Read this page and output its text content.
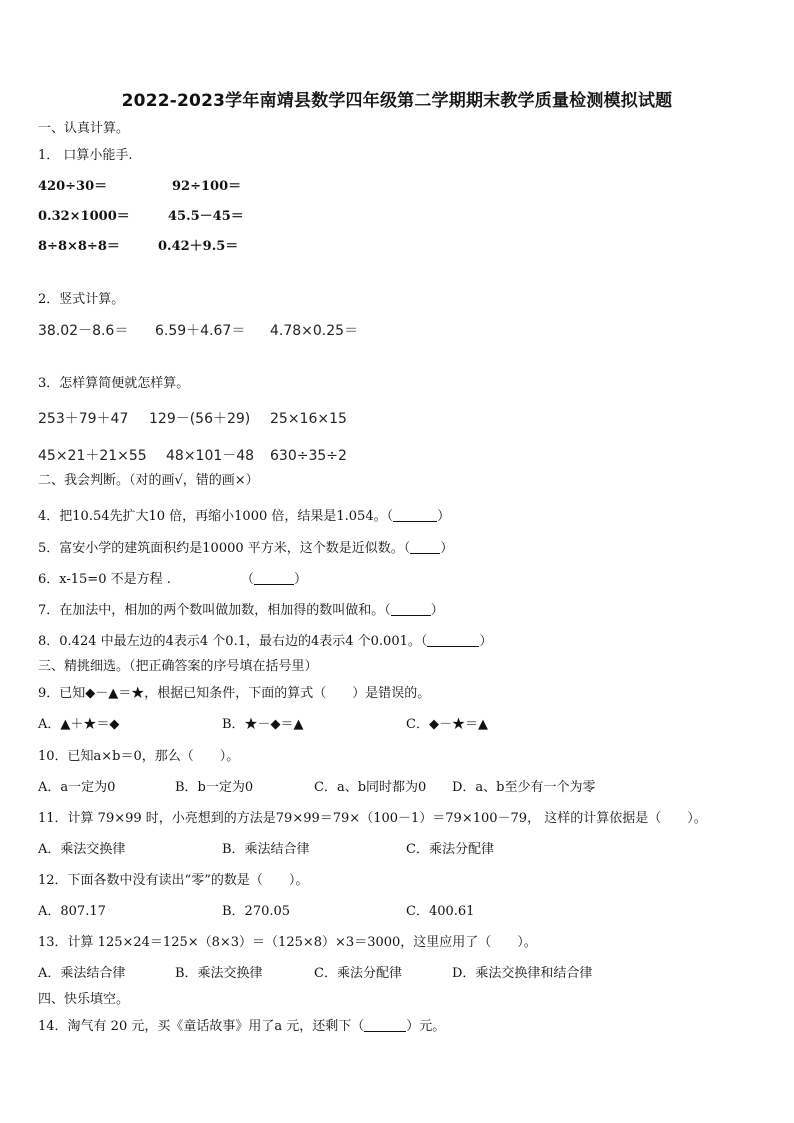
2022-2023学年南靖县数学四年级第二学期期末教学质量检测模拟试题
一、认真计算。
1． 口算小能手.
420÷30＝	92÷100＝
0.32×1000＝	45.5－45＝
8÷8×8÷8＝	0.42＋9.5＝
2．竖式计算。
38.02－8.6＝ 6.59＋4.67＝ 4.78×0.25＝
3．怎样算简便就怎样算。
253＋79＋47 129－(56＋29) 25×16×15
45×21＋21×55 48×101－48 630÷35÷2
二、我会判断。（对的画√，错的画×）
4．把10.54先扩大10 倍，再缩小1000 倍，结果是1.054。（	）
5．富安小学的建筑面积约是10000 平方米，这个数是近似数。（ ）
6．x-15=0 不是方程 .	（	）
7．在加法中，相加的两个数叫做加数，相加得的数叫做和。（	）
8．0.424 中最左边的4表示4 个0.1，最右边的4表示4 个0.001。（	）
三、精挑细选。（把正确答案的序号填在括号里）
9．已知◆－▲＝★，根据已知条件，下面的算式（　　）是错误的。
A．▲＋★＝◆	B．★－◆＝▲	C．◆－★＝▲
10．已知a×b＝0，那么（　　）。
A．a一定为0	B．b一定为0	C．a、b同时都为0 D．a、b至少有一个为零
11．计算 79×99 时，小亮想到的方法是79×99＝79×（100－1）＝79×100－79， 这样的计算依据是（　　）。
A．乘法交换律	B．乘法结合律	C．乘法分配律
12．下面各数中没有读出“零”的数是（　　）。
A．807.17	B．270.05	C．400.61
13．计算 125×24＝125×（8×3）＝（125×8）×3＝3000，这里应用了（　　）。
A．乘法结合律	B．乘法交换律	C．乘法分配律	D．乘法交换律和结合律
四、快乐填空。
14．淘气有 20 元，买《童话故事》用了a 元，还剩下（	）元。
